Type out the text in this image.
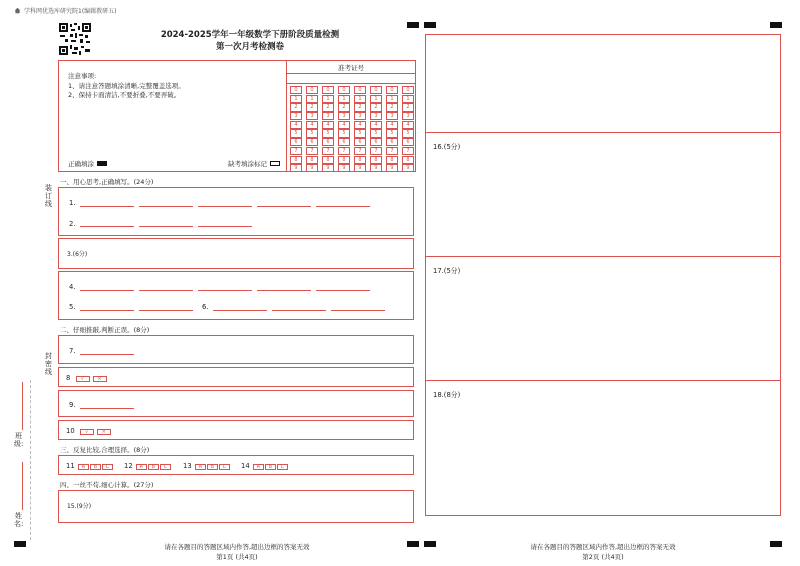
学科网优选库研究院1(编辑教研五)
2024-2025学年一年级数学下册阶段质量检测
第一次月考检测卷
注意事项:
1、请注意答题填涂清晰,完整覆盖选项。
2、保持卡面清洁,不要折叠,不要弄破。
正确填涂	缺考填涂标记
准考证号
0	0	0	0	0	0	0	0
1	1	1	1	1	1	1	1
2	2	2	2	2	2	2	2
3	3	3	3	3	3	3	3
4	4	4	4	4	4	4	4
5	5	5	5	5	5	5	5
6	6	6	6	6	6	6	6
7	7	7	7	7	7	7	7
8	8	8	8	8	8	8	8
9	9	9	9	9	9	9	9
装订线
封密线
班级:
姓名:
一、用心思考,正确填写。(24分)
1.
2.
3.(6分)
4.
5.	6.
二、仔细推敲,判断正误。(8分)
7.
8 √	×
9.
10 √	×
三、反复比较,合理选择。(8分)
11 A B C	12 A B C	13 A B C	14 A B C
四、一丝不苟,细心计算。(27分)
15.(9分)
16.(5分)
17.(5分)
18.(8分)
请在各题目的答题区域内作答,超出边框的答案无效
第1页 (共4页)
请在各题目的答题区域内作答,超出边框的答案无效
第2页 (共4页)
